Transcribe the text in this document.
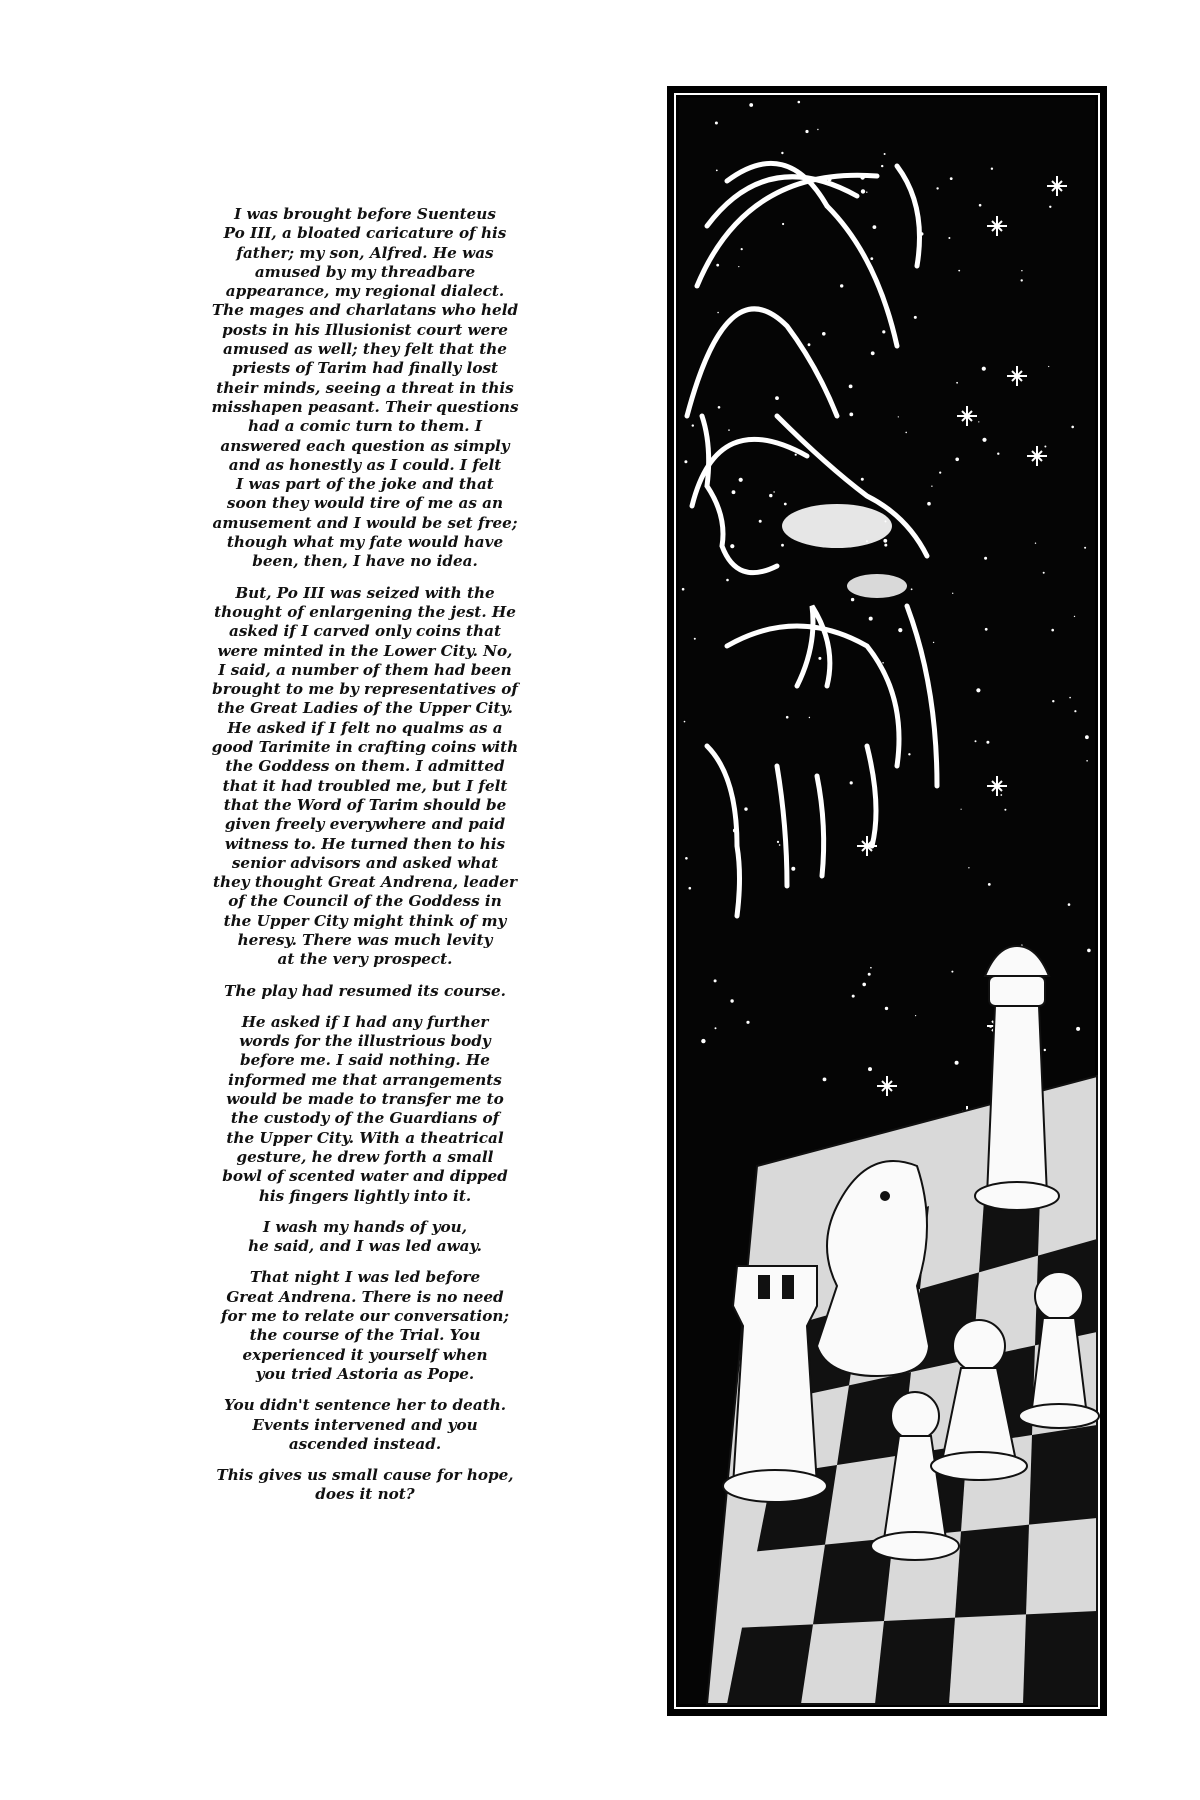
I was brought before Suenteus
Po III, a bloated caricature of his
father; my son, Alfred. He was
amused by my threadbare
appearance, my regional dialect.
The mages and charlatans who held
posts in his Illusionist court were
amused as well; they felt that the
priests of Tarim had finally lost
their minds, seeing a threat in this
misshapen peasant. Their questions
had a comic turn to them. I
answered each question as simply
and as honestly as I could. I felt
I was part of the joke and that
soon they would tire of me as an
amusement and I would be set free;
though what my fate would have
been, then, I have no idea.

But, Po III was seized with the
thought of enlargening the jest. He
asked if I carved only coins that
were minted in the Lower City. No,
I said, a number of them had been
brought to me by representatives of
the Great Ladies of the Upper City.
He asked if I felt no qualms as a
good Tarimite in crafting coins with
the Goddess on them. I admitted
that it had troubled me, but I felt
that the Word of Tarim should be
given freely everywhere and paid
witness to. He turned then to his
senior advisors and asked what
they thought Great Andrena, leader
of the Council of the Goddess in
the Upper City might think of my
heresy. There was much levity
at the very prospect.

The play had resumed its course.

He asked if I had any further
words for the illustrious body
before me. I said nothing. He
informed me that arrangements
would be made to transfer me to
the custody of the Guardians of
the Upper City. With a theatrical
gesture, he drew forth a small
bowl of scented water and dipped
his fingers lightly into it.

I wash my hands of you,
he said, and I was led away.

That night I was led before
Great Andrena. There is no need
for me to relate our conversation;
the course of the Trial. You
experienced it yourself when
you tried Astoria as Pope.

You didn't sentence her to death.
Events intervened and you
ascended instead.

This gives us small cause for hope,
does it not?
